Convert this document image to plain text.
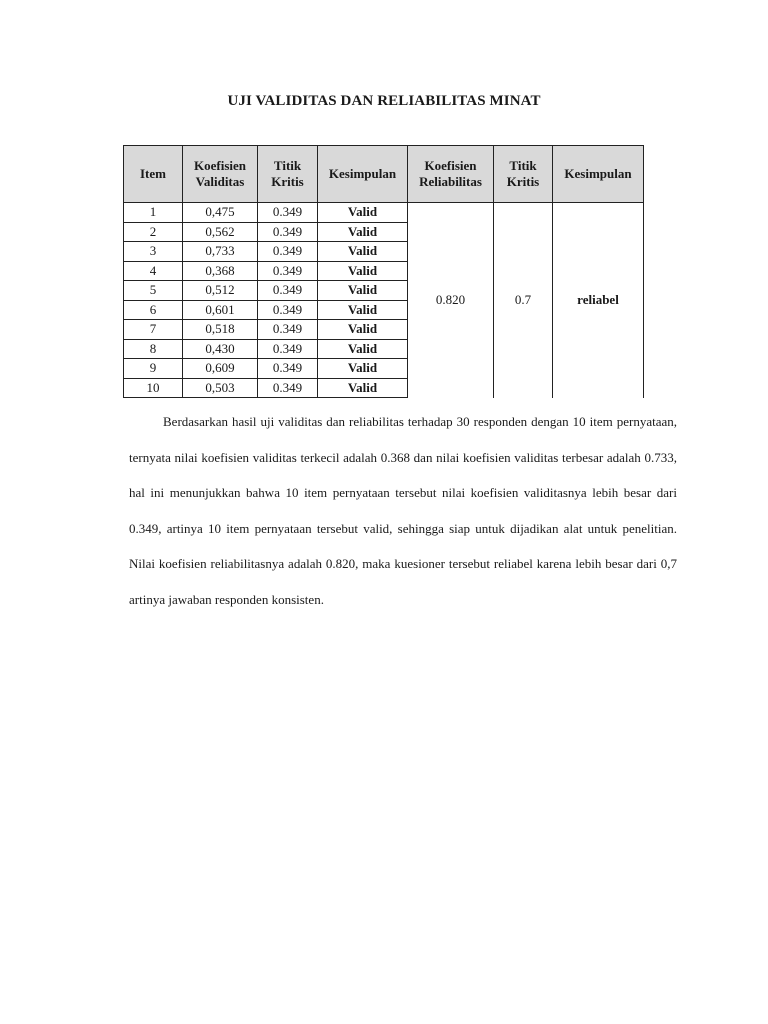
UJI VALIDITAS DAN RELIABILITAS MINAT
Item	Koefisien Validitas	Titik Kritis	Kesimpulan	Koefisien Reliabilitas	Titik Kritis	Kesimpulan
1	0,475	0.349	Valid	0.820	0.7	reliabel
2	0,562	0.349	Valid			
3	0,733	0.349	Valid			
4	0,368	0.349	Valid			
5	0,512	0.349	Valid			
6	0,601	0.349	Valid			
7	0,518	0.349	Valid			
8	0,430	0.349	Valid			
9	0,609	0.349	Valid			
10	0,503	0.349	Valid			

Berdasarkan hasil uji validitas dan reliabilitas terhadap 30 responden dengan 10 item pernyataan, ternyata nilai koefisien validitas terkecil adalah 0.368 dan nilai koefisien validitas terbesar adalah 0.733, hal ini menunjukkan bahwa 10 item pernyataan tersebut nilai koefisien validitasnya lebih besar dari 0.349, artinya 10 item pernyataan tersebut valid, sehingga siap untuk dijadikan alat untuk penelitian. Nilai koefisien reliabilitasnya adalah 0.820, maka kuesioner tersebut reliabel karena lebih besar dari 0,7 artinya jawaban responden konsisten.
